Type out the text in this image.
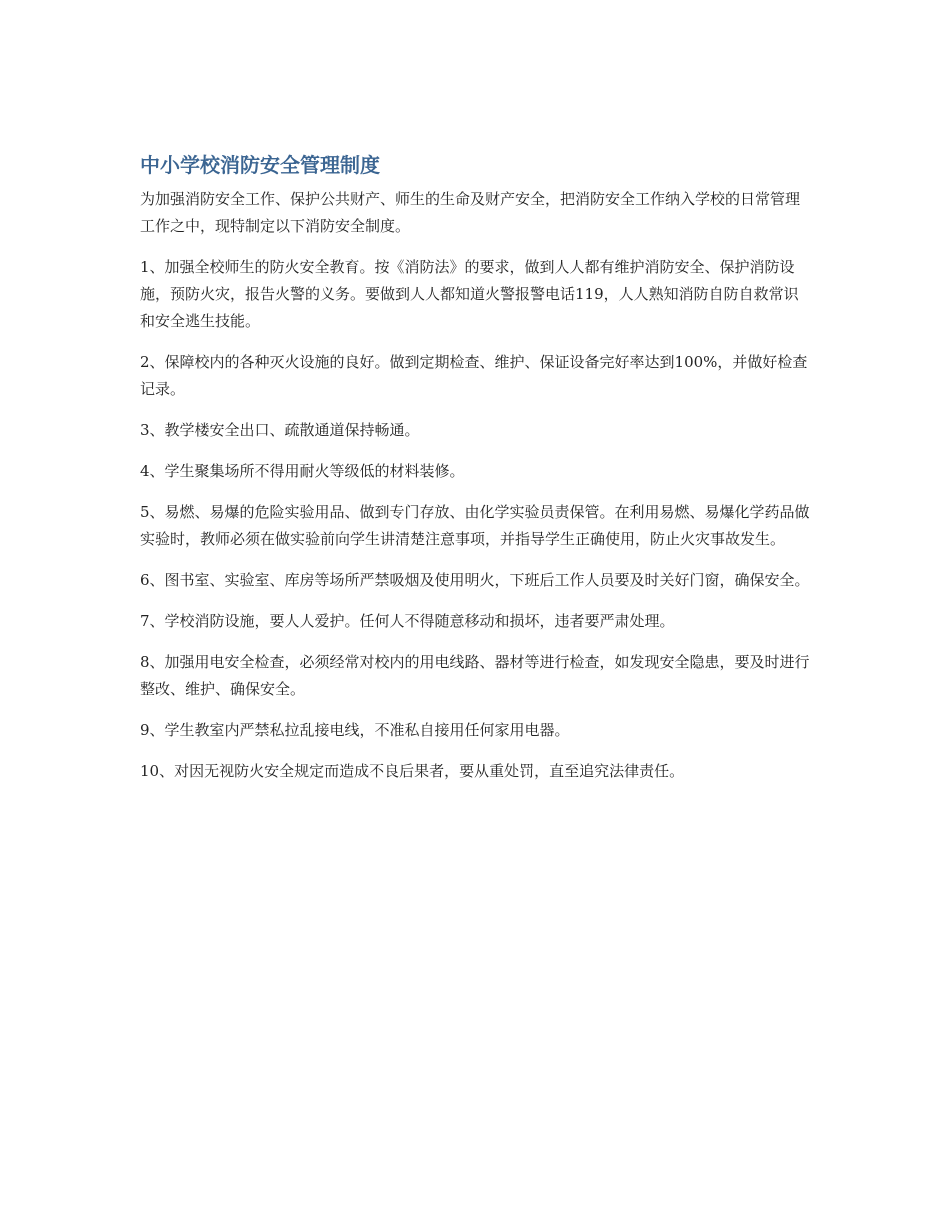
中小学校消防安全管理制度

为加强消防安全工作、保护公共财产、师生的生命及财产安全，把消防安全工作纳入学校的日常管理工作之中，现特制定以下消防安全制度。

1、加强全校师生的防火安全教育。按《消防法》的要求，做到人人都有维护消防安全、保护消防设施，预防火灾，报告火警的义务。要做到人人都知道火警报警电话119，人人熟知消防自防自救常识和安全逃生技能。

2、保障校内的各种灭火设施的良好。做到定期检查、维护、保证设备完好率达到100%，并做好检查记录。

3、教学楼安全出口、疏散通道保持畅通。

4、学生聚集场所不得用耐火等级低的材料装修。

5、易燃、易爆的危险实验用品、做到专门存放、由化学实验员责保管。在利用易燃、易爆化学药品做实验时，教师必须在做实验前向学生讲清楚注意事项，并指导学生正确使用，防止火灾事故发生。

6、图书室、实验室、库房等场所严禁吸烟及使用明火，下班后工作人员要及时关好门窗，确保安全。

7、学校消防设施，要人人爱护。任何人不得随意移动和损坏，违者要严肃处理。

8、加强用电安全检查，必须经常对校内的用电线路、器材等进行检查，如发现安全隐患，要及时进行整改、维护、确保安全。

9、学生教室内严禁私拉乱接电线，不准私自接用任何家用电器。

10、对因无视防火安全规定而造成不良后果者，要从重处罚，直至追究法律责任。
